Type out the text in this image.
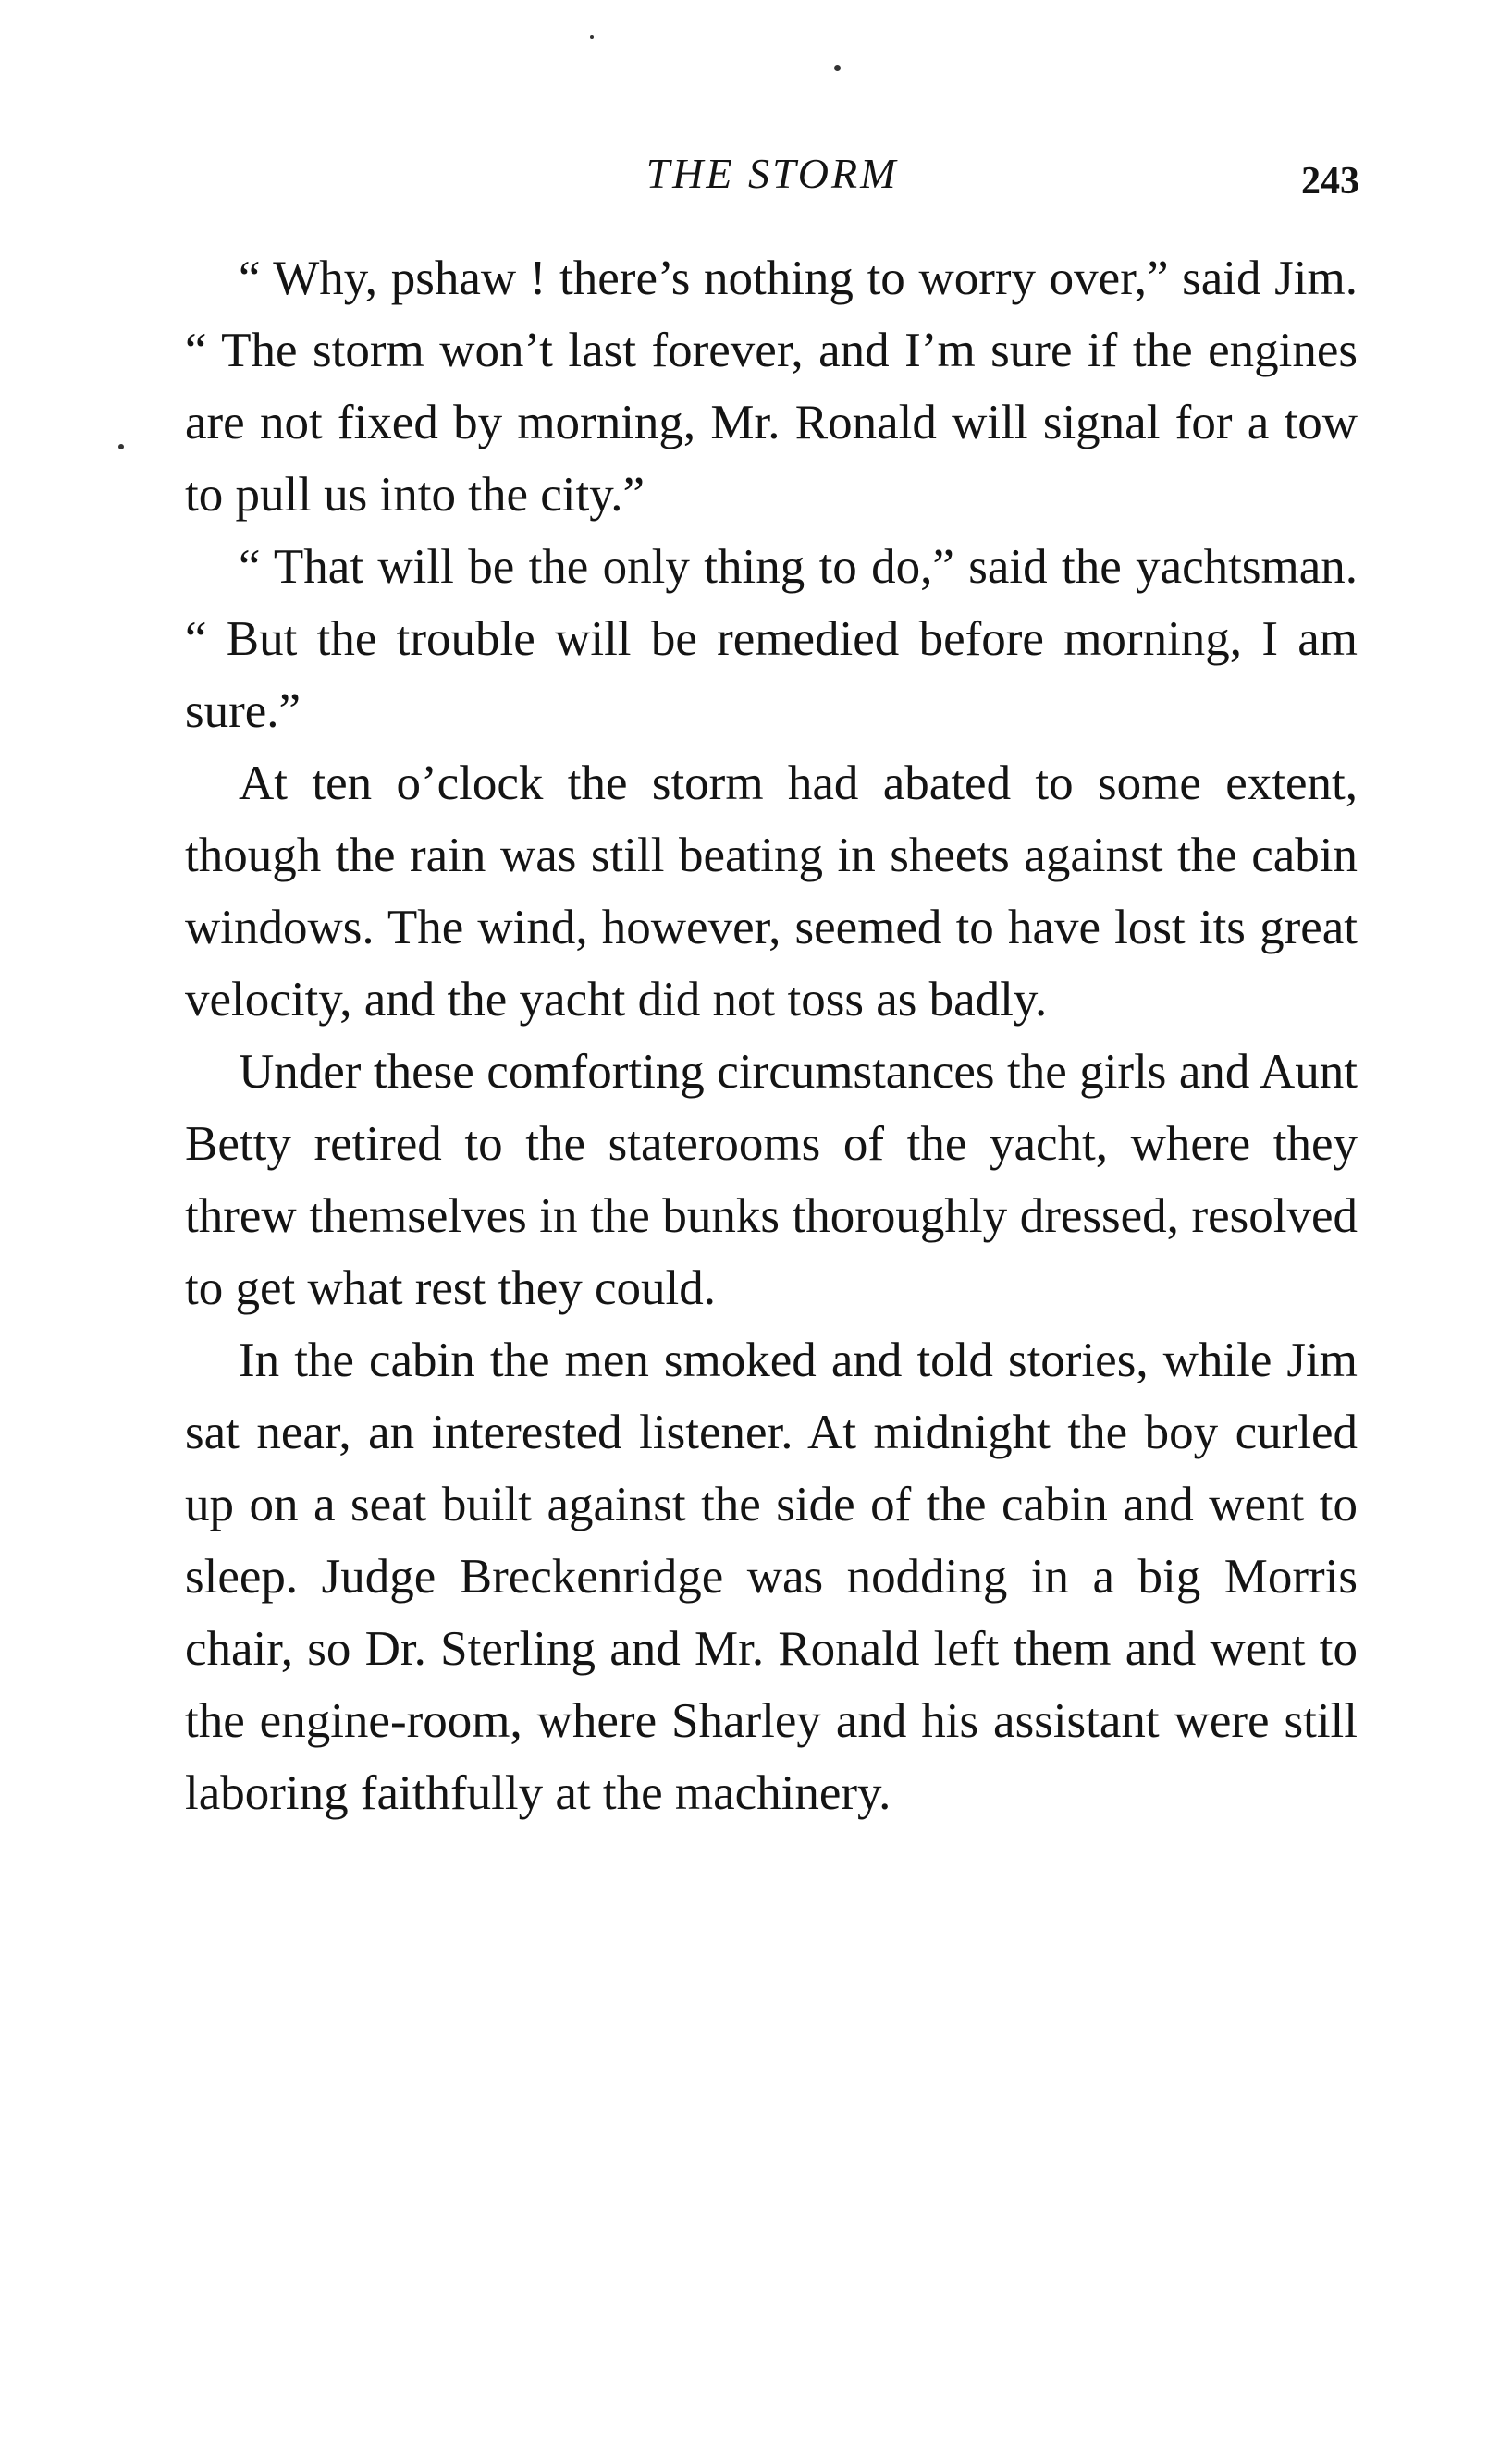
THE STORM	243

“ Why, pshaw ! there’s nothing to worry over,” said Jim. “ The storm won’t last forever, and I’m sure if the engines are not fixed by morning, Mr. Ronald will signal for a tow to pull us into the city.”

“ That will be the only thing to do,” said the yachtsman. “ But the trouble will be remedied before morning, I am sure.”

At ten o’clock the storm had abated to some extent, though the rain was still beating in sheets against the cabin windows. The wind, however, seemed to have lost its great velocity, and the yacht did not toss as badly.

Under these comforting circumstances the girls and Aunt Betty retired to the staterooms of the yacht, where they threw themselves in the bunks thoroughly dressed, resolved to get what rest they could.

In the cabin the men smoked and told stories, while Jim sat near, an interested listener. At midnight the boy curled up on a seat built against the side of the cabin and went to sleep. Judge Breckenridge was nodding in a big Morris chair, so Dr. Sterling and Mr. Ronald left them and went to the engine-room, where Sharley and his assistant were still laboring faithfully at the machinery.
